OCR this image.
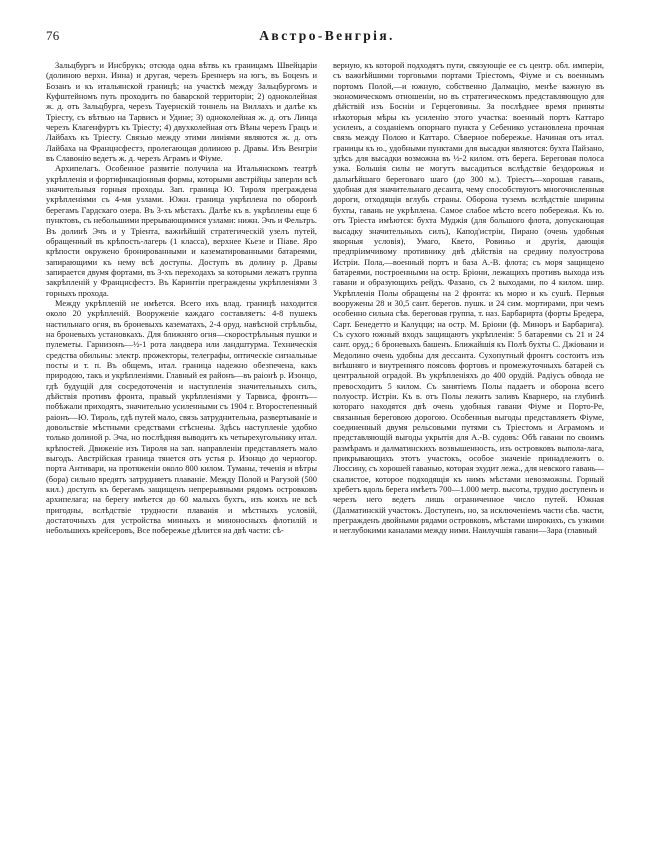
76	Австро-Венгрія.

Зальцбургъ и Инсбрукъ; отсюда одна вѣтвь къ границамъ Швейцаріи (долиною верхн. Инна) и другая, черезъ Бреннеръ на югъ, въ Боценъ и Бозанъ и къ итальянской границѣ; на участкѣ между Зальцбургомъ и Куфштейномъ путь проходитъ по баварской территоріи; 2) одноколейная ж. д. отъ Зальцбурга, черезъ Тауернскій тоннель на Виллахъ и далѣе къ Тріесту, съ вѣтвью на Тарвисъ и Удине; 3) одноколейная ж. д. отъ Линца черезъ Клагенфуртъ къ Тріесту; 4) двухколейная отъ Вѣны черезъ Грацъ и Лайбахъ къ Тріесту. Связью между этими линіями являются ж. д. отъ Лайбаха на Францнсфестэ, пролегающая долиною р. Дравы. Изъ Венгріи въ Славонію ведетъ ж. д. черезъ Аграмъ и Фіуме.

Архипелагъ. Особенное развитіе получила на Итальянскомъ театрѣ укрѣпленія и фортификаціонныя формы, которыми австрійцы заперли всѣ значительныя горныя проходы. Зап. граница Ю. Тироля преграждена укрѣпленіями съ 4-мя узлами. Южн. граница укрѣплена по оборонѣ берегамъ Гардскаго озера. Въ 3-хъ мѣстахъ. Далѣе къ в. укрѣплены еще 6 пунктовъ, съ небольшими прерывающимися узлами: нижн. Эчъ и Фельтръ. Въ долинѣ Эчъ и у Тріента, важнѣйшій стратегическій узелъ путей, обращенный въ крѣпость-лагерь (1 класса), верхнее Кьезе и Піаве. Яро крѣпости окружено бронированными и казематированными батареями, запирающими къ нему всѣ доступы. Доступъ въ долину р. Дравы запирается двумя фортами, въ 3-хъ переходахъ за которыми лежатъ группа закрѣпленій у Францнсфестэ. Въ Каринтіи преграждены укрѣпленіями 3 горныхъ прохода.

Между укрѣпленій не имѣется. Всего ихъ влад. границѣ находится около 20 укрѣпленій. Вооруженіе каждаго составляетъ: 4-8 пушекъ настильнаго огня, въ броневыхъ казематахъ, 2-4 оруд. навѣсной стрѣльбы, на броневыхъ установкахъ. Для ближняго огня—скорострѣльныя пушки и пулеметы. Гарнизонъ—½-1 рота ландвера или ландштурма. Техническія средства обильны: электр. прожекторы, телеграфы, оптическіе сигнальные посты и т. п. Въ общемъ, итал. граница надежно обезпечена, какъ природою, такъ и укрѣпленіями. Главный ея районъ—въ раіонѣ р. Изонцо, гдѣ будущій для сосредоточенія и наступленія значительныхъ силъ, дѣйствія противъ фронта, правый укрѣпленіями у Тарвиса, фронтъ—побѣжали приходятъ, значительно усиленными съ 1904 г. Второстепенный раіонъ—Ю. Тироль, гдѣ путей мало, связь затруднительна, развертываніе и довольствіе мѣстными средствами стѣснены. Здѣсь наступленіе удобно только долиной р. Эча, но послѣдняя выводитъ къ четырехугольнику итал. крѣпостей. Движеніе изъ Тироля на зап. направленіи представляетъ мало выгодъ. Австрійская граница тянется отъ устья р. Изонцо до черногор. порта Антивари, на протяженіи около 800 килом. Туманы, теченія и вѣтры (бора) сильно вредятъ затрудняетъ плаваніе. Между Полой и Рагузой (500 кил.) доступъ къ берегамъ защищенъ непрерывными рядомъ островковъ архипелага; на берегу имѣется до 60 малыхъ бухтъ, изъ коихъ не всѣ пригодны, вслѣдствіе трудности плаванія и мѣстныхъ условій, достаточныхъ для устройства минныхъ и миноносныхъ флотилій и небольшихъ крейсеровъ, Все побережье дѣлится на двѣ части: сѣ-

верную, къ которой подходятъ пути, связующіе ее съ центр. обл. имперіи, съ важнѣйшими торговыми портами Тріестомъ, Фіуме и съ военнымъ портомъ Полой,—и южную, собственно Далмацію, менѣе важную въ экономическомъ отношеніи, но въ стратегическомъ представляющую для дѣйствій изъ Босніи и Герцеговины. За послѣднее время приняты нѣкоторыя мѣры къ усиленію этого участка: военный портъ Каттаро усиленъ, а созданіемъ опорнаго пункта у Себенико установлена прочная связь между Полою и Каттаро. Сѣверное побережье. Начиная отъ итал. границы къ ю., удобными пунктами для высадки являются: бухта Пайзано, здѣсь для высадки возможна въ ½-2 килом. отъ берега. Береговая полоса узка. Большія силы не могутъ высадиться вслѣдствіе бездорожья и дальнѣйшаго береговаго шаго (до 300 м.). Тріестъ—хорошая гавань, удобная для значительнаго десанта, чему способствуютъ многочисленныя дороги, отходящія вглубь страны. Оборона туземъ вслѣдствіе ширины бухты, гавань не укрѣплена. Самое слабое мѣсто всего побережья. Къ ю. отъ Тріеста имѣются: бухта Муджія (для большого флота, допускающая высадку значительныхъ силъ), Капод'истріи, Пирано (очень удобныя якорныя условія), Умаго, Квето, Ровиньо и другія, дающія предпріимчивому противнику двѣ дѣйствія на средину полуострова Истріи. Пола,—военный портъ и база А.-В. флота; съ моря защищено батареями, построенными на остр. Бріони, лежащихъ противъ выхода изъ гавани и образующихъ рейдъ. Фазано, съ 2 выходами, по 4 килом. шир. Укрѣпленія Полы обращены на 2 фронта: къ морю и къ сушѣ. Первыя вооружены 28 и 30,5 сант. берегов. пушк. и 24 сим. мортирами, при чемъ особенно сильна сѣв. береговая группа, т. наз. Барбарирта (форты Бредера, Сарт. Бенедетто и Калуцци; на остр. М. Бріони (ф. Миноръ и Барбарига). Съ сухого южный входъ защищаютъ укрѣпленія: 5 батареями съ 21 и 24 сант. оруд.; 6 броневыхъ башенъ. Ближайшія къ Полѣ бухты С. Джіовани и Медолино очень удобны для дессанта. Сухопутный фронтъ состоитъ изъ внѣшняго и внутренняго поясовъ фортовъ и промежуточныхъ батарей съ центральной оградой. Въ укрѣпленіяхъ до 400 орудій. Радіусъ обвода не превосходитъ 5 килом. Съ занятіемъ Полы падаетъ и оборона всего полуостр. Истріи. Къ в. отъ Полы лежитъ заливъ Кварнеро, на глубинѣ котораго находятся двѣ очень удобныя гавани Фіуме и Порто-Ре, связанныя береговою дорогою. Особенныя выгоды представляетъ Фіуме, соединенный двумя рельсовыми путями съ Тріестомъ и Аграмомъ и представляющій выгоды укрытія для А.-В. судовъ: Обѣ гавани по своимъ размѣрамъ и далматинскихъ возвышенность, изъ островковъ выпола-лага, прикрывающихъ этотъ участокъ, особое значеніе принадлежитъ о. Люссину, съ хорошей гаванью, которая эхудит лежа., для невского гавань—скалистое, которое подходящія къ нимъ мѣстами невозможны. Горный хребетъ вдоль берега имѣетъ 700—1.000 метр. высоты, трудно доступенъ и черезъ него ведетъ лишь ограниченное число путей. Южная (Далматинскій участокъ. Доступенъ, но, за исключеніемъ части сѣв. части, прегражденъ двойными рядами островковъ, мѣстами широкихъ, съ узкими и неглубокими каналами между ними. Наилучшія гавани—Зара (главный
